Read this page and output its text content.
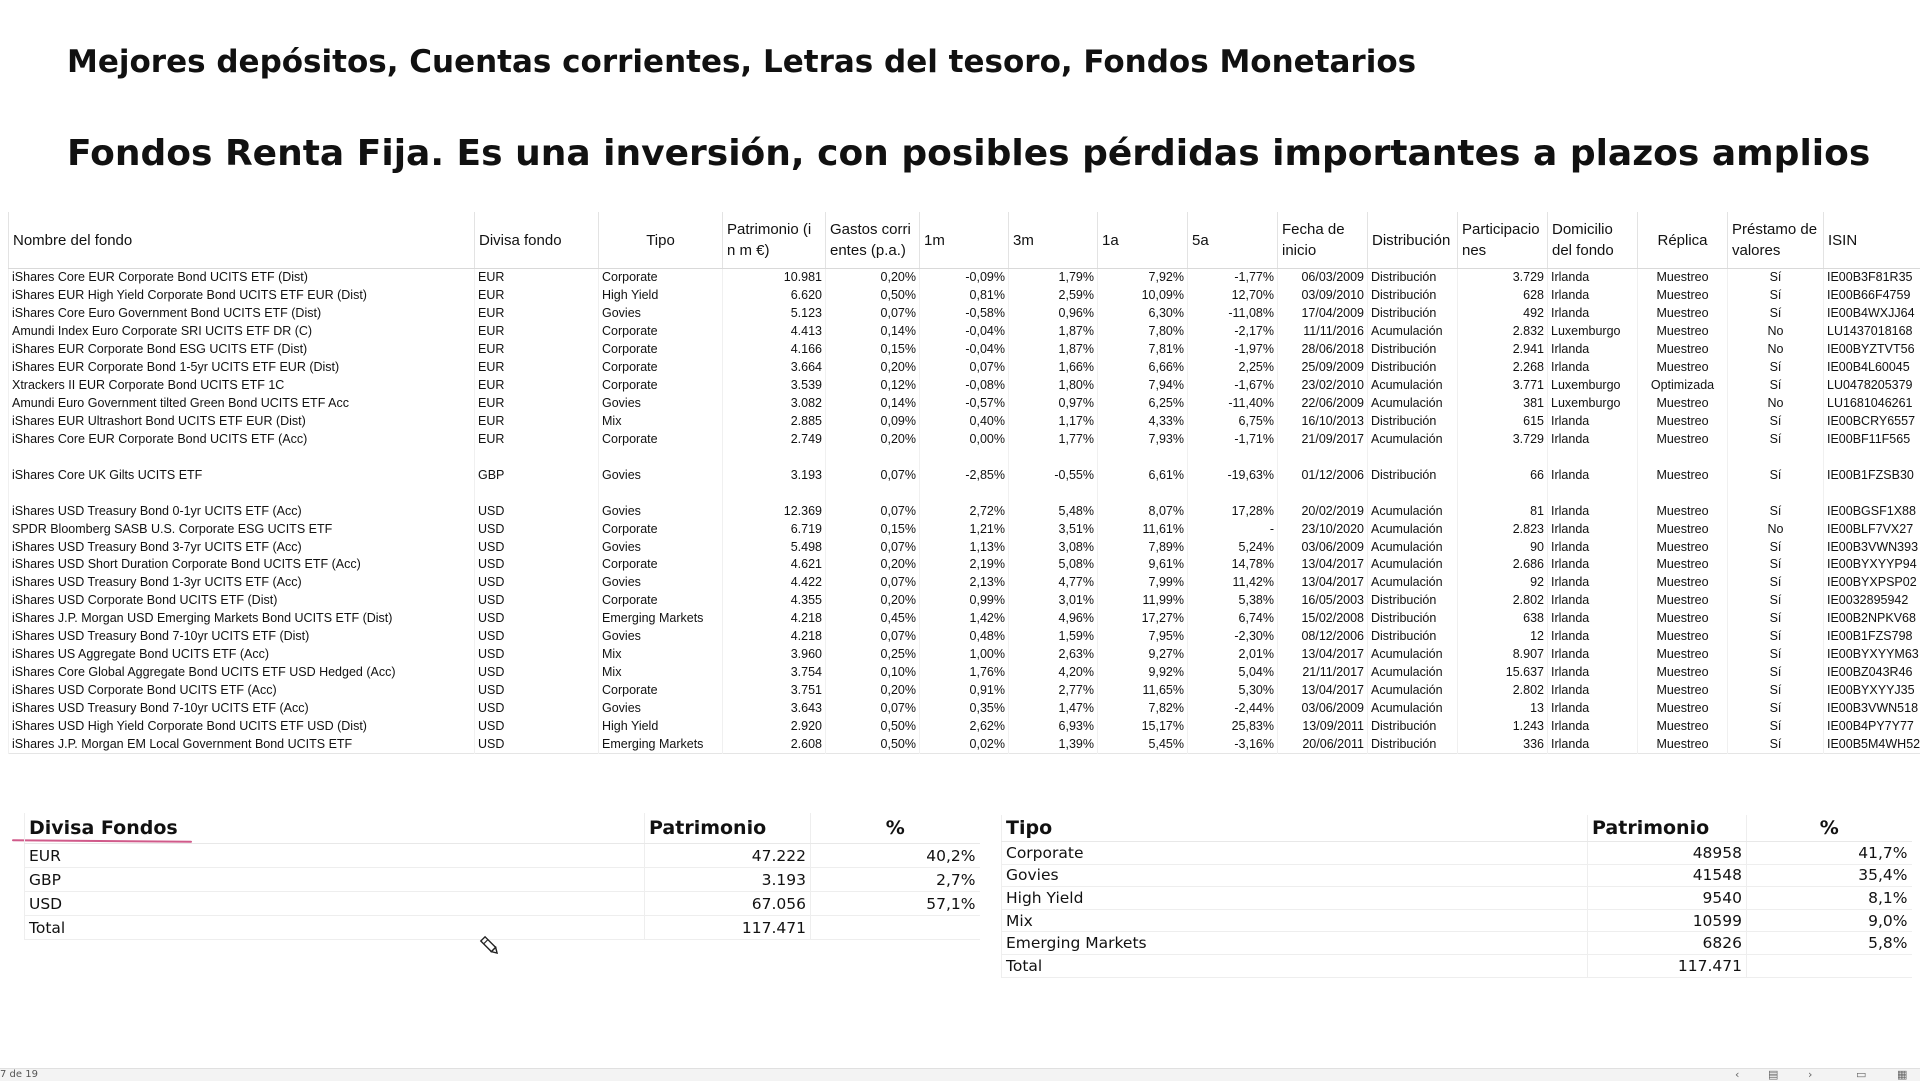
Mejores depósitos, Cuentas corrientes, Letras del tesoro, Fondos Monetarios
Fondos Renta Fija. Es una inversión, con posibles pérdidas importantes a plazos amplios
Nombre del fondo	Divisa fondo	Tipo	Patrimonio (i n m €)	Gastos corri entes (p.a.)	1m	3m	1a	5a	Fecha de inicio	Distribución	Participacio nes	Domicilio del fondo	Réplica	Préstamo de valores	ISIN
iShares Core EUR Corporate Bond UCITS ETF (Dist)	EUR	Corporate	10.981	0,20%	-0,09%	1,79%	7,92%	-1,77%	06/03/2009	Distribución	3.729	Irlanda	Muestreo	Sí	IE00B3F81R35
iShares EUR High Yield Corporate Bond UCITS ETF EUR (Dist)	EUR	High Yield	6.620	0,50%	0,81%	2,59%	10,09%	12,70%	03/09/2010	Distribución	628	Irlanda	Muestreo	Sí	IE00B66F4759
iShares Core Euro Government Bond UCITS ETF (Dist)	EUR	Govies	5.123	0,07%	-0,58%	0,96%	6,30%	-11,08%	17/04/2009	Distribución	492	Irlanda	Muestreo	Sí	IE00B4WXJJ64
Amundi Index Euro Corporate SRI UCITS ETF DR (C)	EUR	Corporate	4.413	0,14%	-0,04%	1,87%	7,80%	-2,17%	11/11/2016	Acumulación	2.832	Luxemburgo	Muestreo	No	LU1437018168
iShares EUR Corporate Bond ESG UCITS ETF (Dist)	EUR	Corporate	4.166	0,15%	-0,04%	1,87%	7,81%	-1,97%	28/06/2018	Distribución	2.941	Irlanda	Muestreo	No	IE00BYZTVT56
iShares EUR Corporate Bond 1-5yr UCITS ETF EUR (Dist)	EUR	Corporate	3.664	0,20%	0,07%	1,66%	6,66%	2,25%	25/09/2009	Distribución	2.268	Irlanda	Muestreo	Sí	IE00B4L60045
Xtrackers II EUR Corporate Bond UCITS ETF 1C	EUR	Corporate	3.539	0,12%	-0,08%	1,80%	7,94%	-1,67%	23/02/2010	Acumulación	3.771	Luxemburgo	Optimizada	Sí	LU0478205379
Amundi Euro Government tilted Green Bond UCITS ETF Acc	EUR	Govies	3.082	0,14%	-0,57%	0,97%	6,25%	-11,40%	22/06/2009	Acumulación	381	Luxemburgo	Muestreo	No	LU1681046261
iShares EUR Ultrashort Bond UCITS ETF EUR (Dist)	EUR	Mix	2.885	0,09%	0,40%	1,17%	4,33%	6,75%	16/10/2013	Distribución	615	Irlanda	Muestreo	Sí	IE00BCRY6557
iShares Core EUR Corporate Bond UCITS ETF (Acc)	EUR	Corporate	2.749	0,20%	0,00%	1,77%	7,93%	-1,71%	21/09/2017	Acumulación	3.729	Irlanda	Muestreo	Sí	IE00BF11F565

iShares Core UK Gilts UCITS ETF	GBP	Govies	3.193	0,07%	-2,85%	-0,55%	6,61%	-19,63%	01/12/2006	Distribución	66	Irlanda	Muestreo	Sí	IE00B1FZSB30

iShares USD Treasury Bond 0-1yr UCITS ETF (Acc)	USD	Govies	12.369	0,07%	2,72%	5,48%	8,07%	17,28%	20/02/2019	Acumulación	81	Irlanda	Muestreo	Sí	IE00BGSF1X88
SPDR Bloomberg SASB U.S. Corporate ESG UCITS ETF	USD	Corporate	6.719	0,15%	1,21%	3,51%	11,61%	-	23/10/2020	Acumulación	2.823	Irlanda	Muestreo	No	IE00BLF7VX27
iShares USD Treasury Bond 3-7yr UCITS ETF (Acc)	USD	Govies	5.498	0,07%	1,13%	3,08%	7,89%	5,24%	03/06/2009	Acumulación	90	Irlanda	Muestreo	Sí	IE00B3VWN393
iShares USD Short Duration Corporate Bond UCITS ETF (Acc)	USD	Corporate	4.621	0,20%	2,19%	5,08%	9,61%	14,78%	13/04/2017	Acumulación	2.686	Irlanda	Muestreo	Sí	IE00BYXYYP94
iShares USD Treasury Bond 1-3yr UCITS ETF (Acc)	USD	Govies	4.422	0,07%	2,13%	4,77%	7,99%	11,42%	13/04/2017	Acumulación	92	Irlanda	Muestreo	Sí	IE00BYXPSP02
iShares USD Corporate Bond UCITS ETF (Dist)	USD	Corporate	4.355	0,20%	0,99%	3,01%	11,99%	5,38%	16/05/2003	Distribución	2.802	Irlanda	Muestreo	Sí	IE0032895942
iShares J.P. Morgan USD Emerging Markets Bond UCITS ETF (Dist)	USD	Emerging Markets	4.218	0,45%	1,42%	4,96%	17,27%	6,74%	15/02/2008	Distribución	638	Irlanda	Muestreo	Sí	IE00B2NPKV68
iShares USD Treasury Bond 7-10yr UCITS ETF (Dist)	USD	Govies	4.218	0,07%	0,48%	1,59%	7,95%	-2,30%	08/12/2006	Distribución	12	Irlanda	Muestreo	Sí	IE00B1FZS798
iShares US Aggregate Bond UCITS ETF (Acc)	USD	Mix	3.960	0,25%	1,00%	2,63%	9,27%	2,01%	13/04/2017	Acumulación	8.907	Irlanda	Muestreo	Sí	IE00BYXYYM63
iShares Core Global Aggregate Bond UCITS ETF USD Hedged (Acc)	USD	Mix	3.754	0,10%	1,76%	4,20%	9,92%	5,04%	21/11/2017	Acumulación	15.637	Irlanda	Muestreo	Sí	IE00BZ043R46
iShares USD Corporate Bond UCITS ETF (Acc)	USD	Corporate	3.751	0,20%	0,91%	2,77%	11,65%	5,30%	13/04/2017	Acumulación	2.802	Irlanda	Muestreo	Sí	IE00BYXYYJ35
iShares USD Treasury Bond 7-10yr UCITS ETF (Acc)	USD	Govies	3.643	0,07%	0,35%	1,47%	7,82%	-2,44%	03/06/2009	Acumulación	13	Irlanda	Muestreo	Sí	IE00B3VWN518
iShares USD High Yield Corporate Bond UCITS ETF USD (Dist)	USD	High Yield	2.920	0,50%	2,62%	6,93%	15,17%	25,83%	13/09/2011	Distribución	1.243	Irlanda	Muestreo	Sí	IE00B4PY7Y77
iShares J.P. Morgan EM Local Government Bond UCITS ETF	USD	Emerging Markets	2.608	0,50%	0,02%	1,39%	5,45%	-3,16%	20/06/2011	Distribución	336	Irlanda	Muestreo	Sí	IE00B5M4WH52
Divisa Fondos	Patrimonio	%
EUR	47.222	40,2%
GBP	3.193	2,7%
USD	67.056	57,1%
Total	117.471	
Tipo	Patrimonio	%
Corporate	48958	41,7%
Govies	41548	35,4%
High Yield	9540	8,1%
Mix	10599	9,0%
Emerging Markets	6826	5,8%
Total	117.471	
7 de 19	‹	▤	›	▭	▦
